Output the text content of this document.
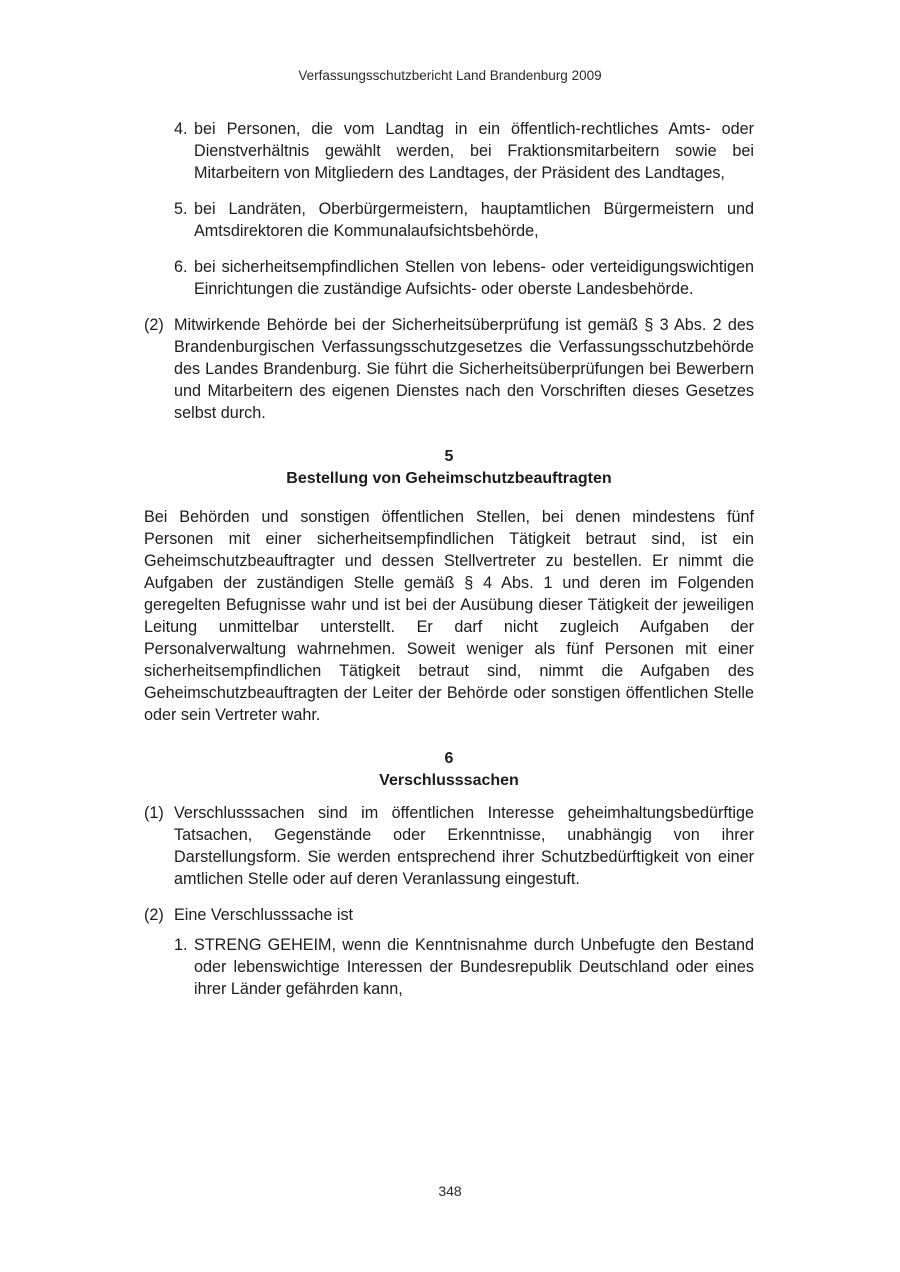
Verfassungsschutzbericht Land Brandenburg 2009
4. bei Personen, die vom Landtag in ein öffentlich-rechtliches Amts- oder Dienstverhältnis gewählt werden, bei Fraktionsmitarbeitern sowie bei Mitarbeitern von Mitgliedern des Landtages, der Präsident des Landtages,
5. bei Landräten, Oberbürgermeistern, hauptamtlichen Bürgermeistern und Amtsdirektoren die Kommunalaufsichtsbehörde,
6. bei sicherheitsempfindlichen Stellen von lebens- oder verteidigungswichtigen Einrichtungen die zuständige Aufsichts- oder oberste Landesbehörde.
(2) Mitwirkende Behörde bei der Sicherheitsüberprüfung ist gemäß § 3 Abs. 2 des Brandenburgischen Verfassungsschutzgesetzes die Verfassungsschutzbehörde des Landes Brandenburg. Sie führt die Sicherheitsüberprüfungen bei Bewerbern und Mitarbeitern des eigenen Dienstes nach den Vorschriften dieses Gesetzes selbst durch.
5
Bestellung von Geheimschutzbeauftragten
Bei Behörden und sonstigen öffentlichen Stellen, bei denen mindestens fünf Personen mit einer sicherheitsempfindlichen Tätigkeit betraut sind, ist ein Geheimschutzbeauftragter und dessen Stellvertreter zu bestellen. Er nimmt die Aufgaben der zuständigen Stelle gemäß § 4 Abs. 1 und deren im Folgenden geregelten Befugnisse wahr und ist bei der Ausübung dieser Tätigkeit der jeweiligen Leitung unmittelbar unterstellt. Er darf nicht zugleich Aufgaben der Personalverwaltung wahrnehmen. Soweit weniger als fünf Personen mit einer sicherheitsempfindlichen Tätigkeit betraut sind, nimmt die Aufgaben des Geheimschutzbeauftragten der Leiter der Behörde oder sonstigen öffentlichen Stelle oder sein Vertreter wahr.
6
Verschlusssachen
(1) Verschlusssachen sind im öffentlichen Interesse geheimhaltungsbedürftige Tatsachen, Gegenstände oder Erkenntnisse, unabhängig von ihrer Darstellungsform. Sie werden entsprechend ihrer Schutzbedürftigkeit von einer amtlichen Stelle oder auf deren Veranlassung eingestuft.
(2) Eine Verschlusssache ist
1. STRENG GEHEIM, wenn die Kenntnisnahme durch Unbefugte den Bestand oder lebenswichtige Interessen der Bundesrepublik Deutschland oder eines ihrer Länder gefährden kann,
348
